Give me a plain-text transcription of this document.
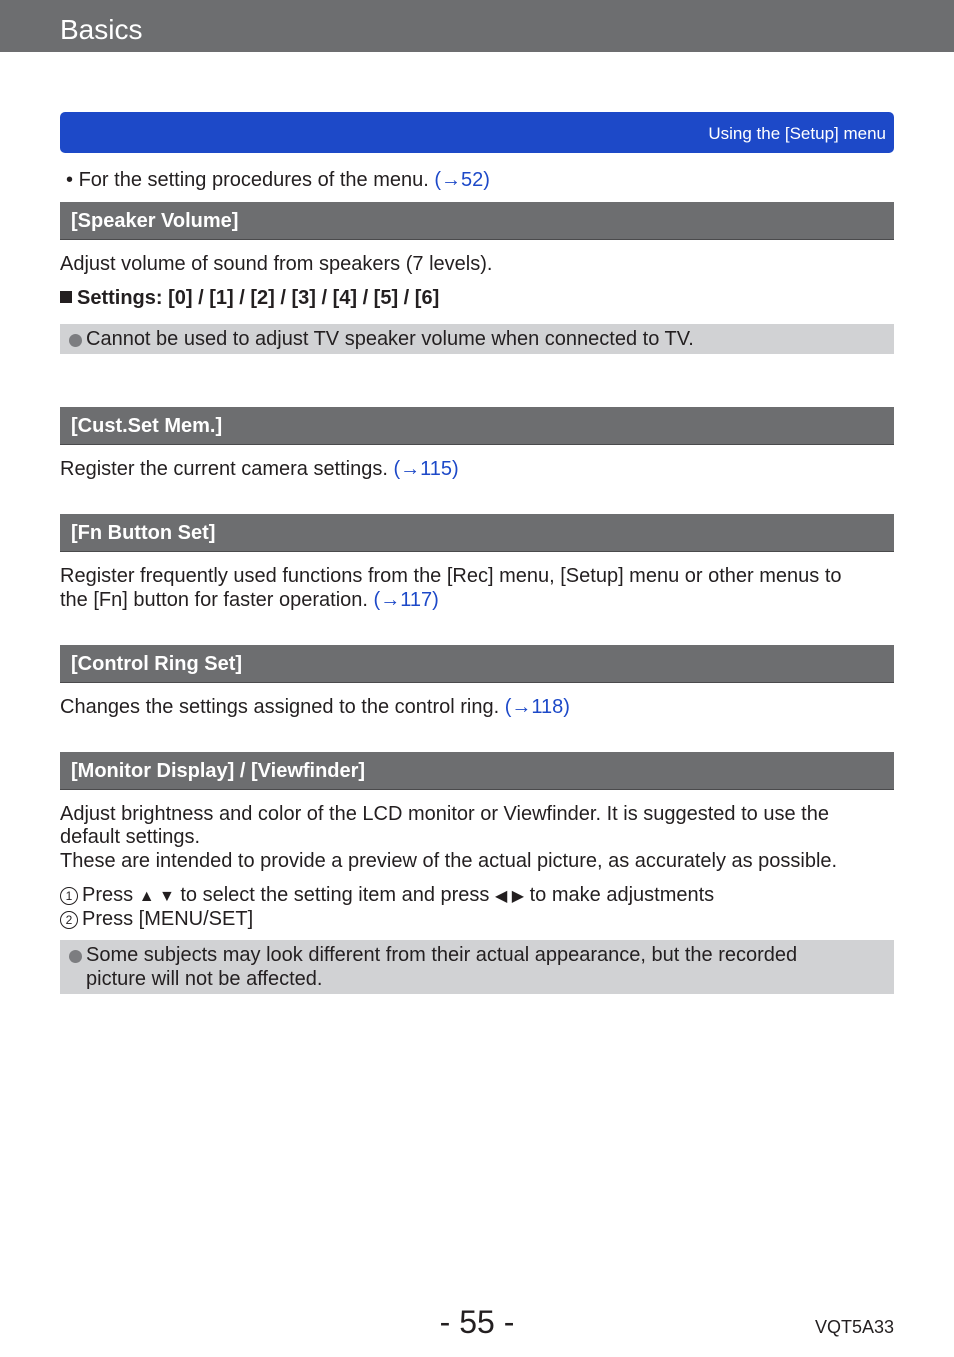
Basics
Using the [Setup] menu
• For the setting procedures of the menu. (→52)
[Speaker Volume]
Adjust volume of sound from speakers (7 levels).
Settings: [0] / [1] / [2] / [3] / [4] / [5] / [6]
Cannot be used to adjust TV speaker volume when connected to TV.
[Cust.Set Mem.]
Register the current camera settings. (→115)
[Fn Button Set]
Register frequently used functions from the [Rec] menu, [Setup] menu or other menus to
the [Fn] button for faster operation. (→117)
[Control Ring Set]
Changes the settings assigned to the control ring. (→118)
[Monitor Display] / [Viewfinder]
Adjust brightness and color of the LCD monitor or Viewfinder. It is suggested to use the
default settings.
These are intended to provide a preview of the actual picture, as accurately as possible.
1 Press ▲ ▼ to select the setting item and press ◀ ▶ to make adjustments
2 Press [MENU/SET]
Some subjects may look different from their actual appearance, but the recorded
picture will not be affected.
- 55 -	VQT5A33
